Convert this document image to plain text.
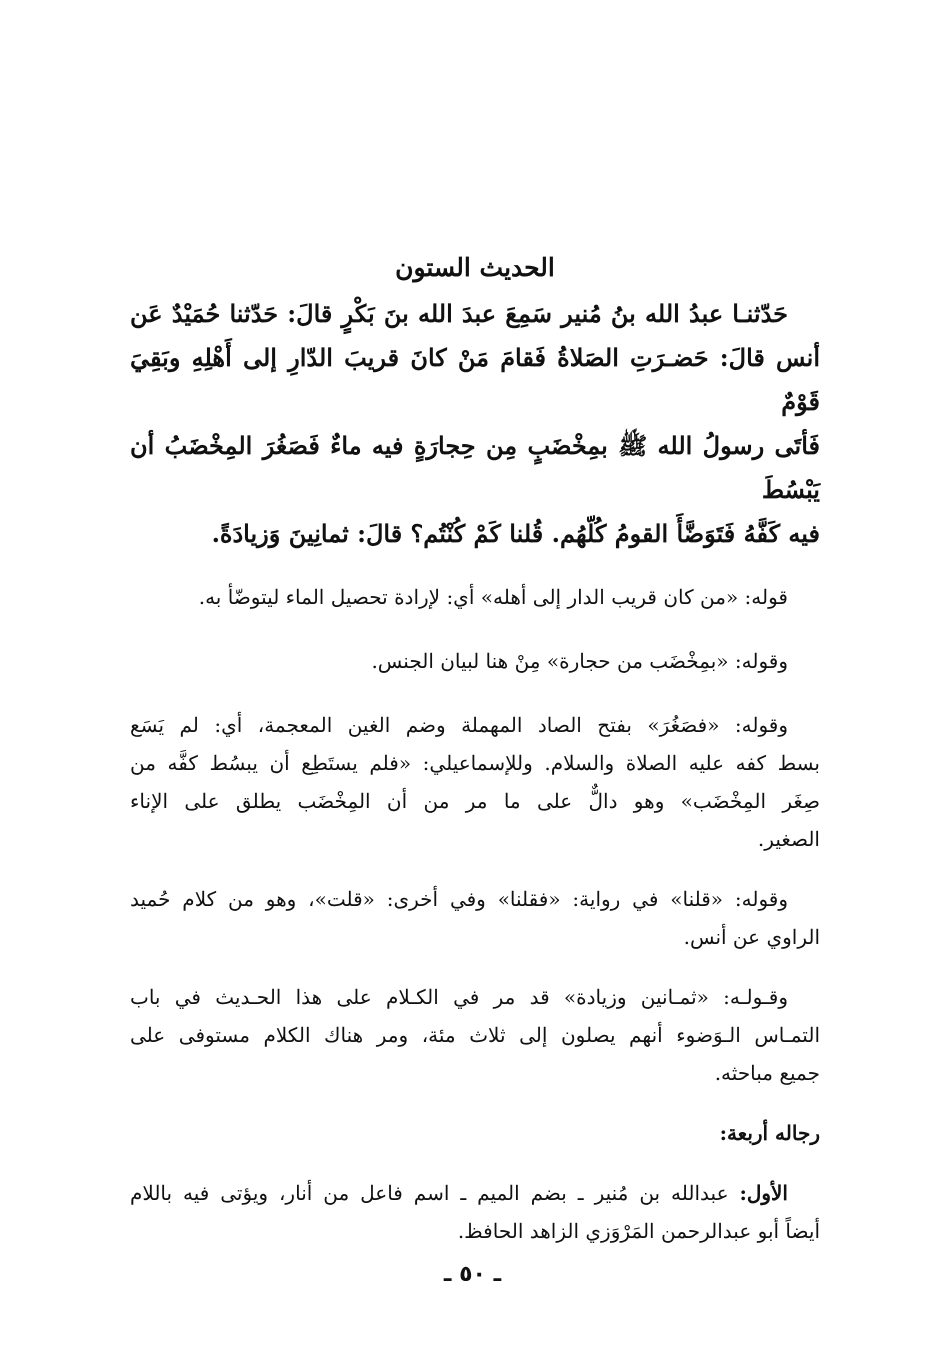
الحديث الستون

حَدّثنـا عبدُ الله بنُ مُنير سَمِعَ عبدَ الله بنَ بَكْرٍ قالَ: حَدّثنا حُمَيْدٌ عَن
أنس قالَ: حَضـرَتِ الصَلاةُ فَقامَ مَنْ كانَ قريبَ الدّارِ إلى أَهْلِهِ وبَقِيَ قَوْمٌ
فَأتَى رسولُ الله ﷺ بمِخْضَبٍ مِن حِجارَةٍ فيه ماءٌ فَصَغُرَ المِخْضَبُ أن يَبْسُطَ
فيه كَفَّهُ فَتَوَضَّأَ القومُ كُلّهُم. قُلنا كَمْ كُنْتُم؟ قالَ: ثمانِينَ وَزيادَةً.

قوله: «من كان قريب الدار إلى أهله» أي: لإرادة تحصيل الماء ليتوضّأ به.

وقوله: «بمِخْضَب من حجارة» مِنْ هنا لبيان الجنس.

وقوله: «فصَغُرَ» بفتح الصاد المهملة وضم الغين المعجمة، أي: لم يَسَع
بسط كفه عليه الصلاة والسلام. وللإسماعيلي: «فلم يستَطِع أن يبسُط كفَّه من
صِغَر المِخْضَب» وهو دالٌّ على ما مر من أن المِخْضَب يطلق على الإناء
الصغير.

وقوله: «قلنا» في رواية: «فقلنا» وفي أخرى: «قلت»، وهو من كلام حُميد
الراوي عن أنس.

وقـولـه: «ثمـانين وزيادة» قد مر في الكـلام على هذا الحـديث في باب
التمـاس الـوَضوء أنهم يصلون إلى ثلاث مئة، ومر هناك الكلام مستوفى على
جميع مباحثه.

رجاله أربعة:

الأول: عبدالله بن مُنير ـ بضم الميم ـ اسم فاعل من أنار، ويؤتى فيه باللام
أيضاً أبو عبدالرحمن المَرْوَزي الزاهد الحافظ.

ـ ٥٠ ـ
